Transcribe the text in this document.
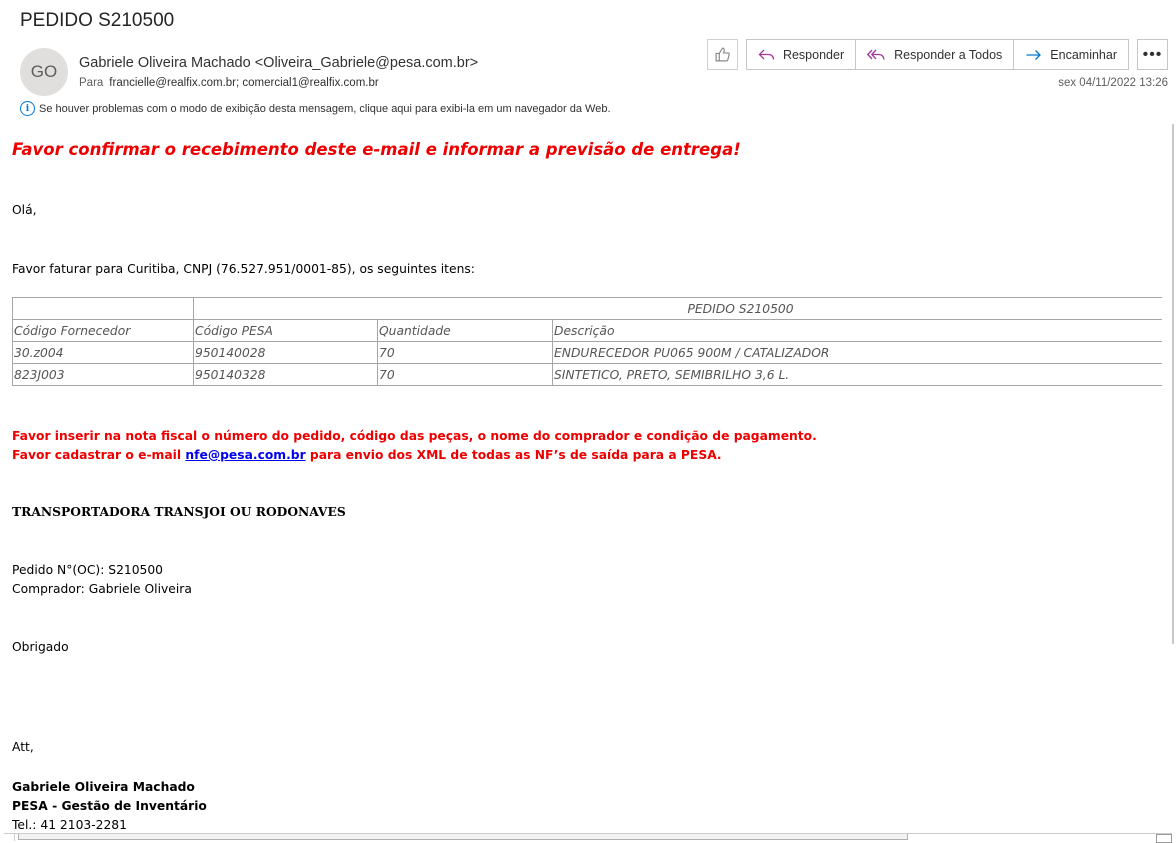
PEDIDO S210500
GO	Gabriele Oliveira Machado <Oliveira_Gabriele@pesa.com.br>
Para francielle@realfix.com.br; comercial1@realfix.com.br
Responder	Responder a Todos	Encaminhar	•••
sex 04/11/2022 13:26
i Se houver problemas com o modo de exibição desta mensagem, clique aqui para exibi-la em um navegador da Web.
Favor confirmar o recebimento deste e-mail e informar a previsão de entrega!
Olá,
Favor faturar para Curitiba, CNPJ (76.527.951/0001-85), os seguintes itens:
	PEDIDO S210500		
Código Fornecedor	Código PESA	Quantidade	Descrição
30.z004	950140028	70	ENDURECEDOR PU065 900M / CATALIZADOR
823J003	950140328	70	SINTETICO, PRETO, SEMIBRILHO 3,6 L.
Favor inserir na nota fiscal o número do pedido, código das peças, o nome do comprador e condição de pagamento.
Favor cadastrar o e-mail nfe@pesa.com.br para envio dos XML de todas as NF’s de saída para a PESA.
TRANSPORTADORA TRANSJOI OU RODONAVES
Pedido N°(OC): S210500
Comprador: Gabriele Oliveira
Obrigado
Att,
Gabriele Oliveira Machado
PESA - Gestão de Inventário
Tel.: 41 2103-2281
